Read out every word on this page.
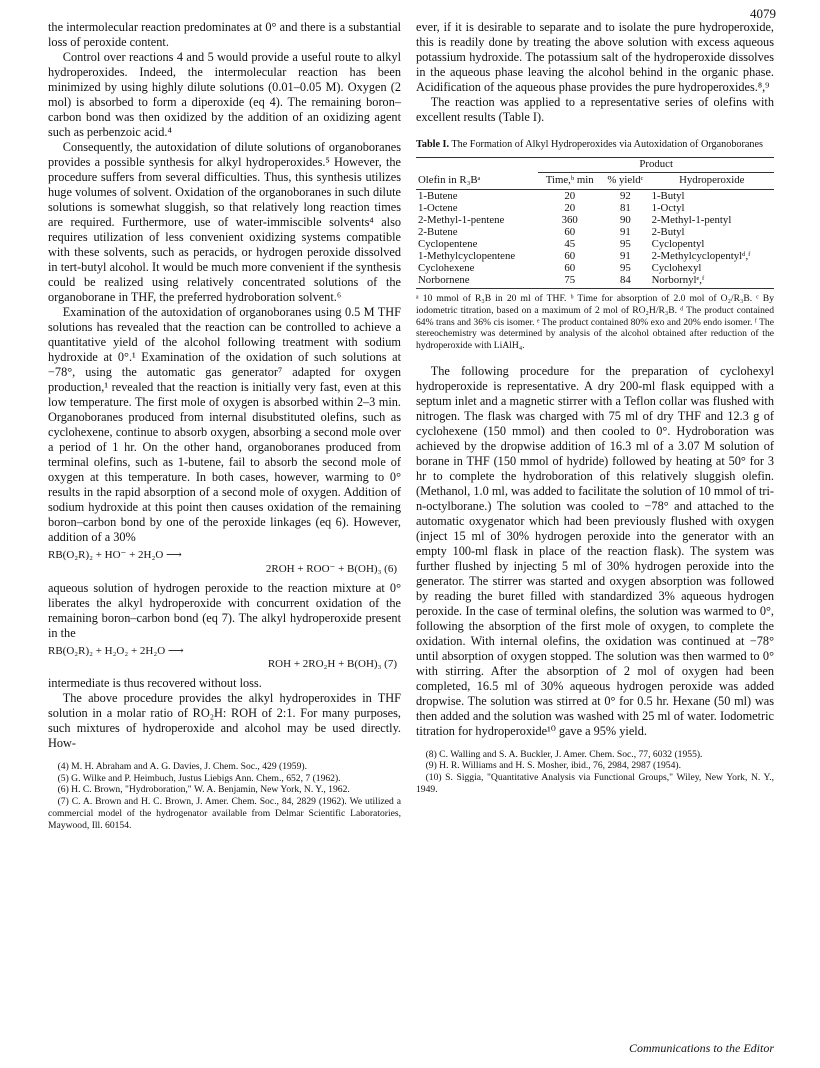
4079

the intermolecular reaction predominates at 0° and there is a substantial loss of peroxide content.

Control over reactions 4 and 5 would provide a useful route to alkyl hydroperoxides. Indeed, the intermolecular reaction has been minimized by using highly dilute solutions (0.01–0.05 M). Oxygen (2 mol) is absorbed to form a diperoxide (eq 4). The remaining boron–carbon bond was then oxidized by the addition of an oxidizing agent such as perbenzoic acid.⁴

Consequently, the autoxidation of dilute solutions of organoboranes provides a possible synthesis for alkyl hydroperoxides.⁵ However, the procedure suffers from several difficulties. Thus, this synthesis utilizes huge volumes of solvent. Oxidation of the organoboranes in such dilute solutions is somewhat sluggish, so that relatively long reaction times are required. Furthermore, use of water-immiscible solvents⁴ also requires utilization of less convenient oxidizing systems compatible with these solvents, such as peracids, or hydrogen peroxide dissolved in tert-butyl alcohol. It would be much more convenient if the synthesis could be realized using relatively concentrated solutions of the organoborane in THF, the preferred hydroboration solvent.⁶

Examination of the autoxidation of organoboranes using 0.5 M THF solutions has revealed that the reaction can be controlled to achieve a quantitative yield of the alcohol following treatment with sodium hydroxide at 0°.¹ Examination of the oxidation of such solutions at −78°, using the automatic gas generator⁷ adapted for oxygen production,¹ revealed that the reaction is initially very fast, even at this low temperature. The first mole of oxygen is absorbed within 2–3 min. Organoboranes produced from internal disubstituted olefins, such as cyclohexene, continue to absorb oxygen, absorbing a second mole over a period of 1 hr. On the other hand, organoboranes produced from terminal olefins, such as 1-butene, fail to absorb the second mole of oxygen at this temperature. In both cases, however, warming to 0° results in the rapid absorption of a second mole of oxygen. Addition of sodium hydroxide at this point then causes oxidation of the remaining boron–carbon bond by one of the peroxide linkages (eq 6). However, addition of a 30%

RB(O₂R)₂ + HO⁻ + 2H₂O ⟶
2ROH + ROO⁻ + B(OH)₃ (6)

aqueous solution of hydrogen peroxide to the reaction mixture at 0° liberates the alkyl hydroperoxide with concurrent oxidation of the remaining boron–carbon bond (eq 7). The alkyl hydroperoxide present in the

RB(O₂R)₂ + H₂O₂ + 2H₂O ⟶
ROH + 2RO₂H + B(OH)₃ (7)

intermediate is thus recovered without loss.

The above procedure provides the alkyl hydroperoxides in THF solution in a molar ratio of RO₂H: ROH of 2:1. For many purposes, such mixtures of hydroperoxide and alcohol may be used directly. How-

(4) M. H. Abraham and A. G. Davies, J. Chem. Soc., 429 (1959).
(5) G. Wilke and P. Heimbuch, Justus Liebigs Ann. Chem., 652, 7 (1962).
(6) H. C. Brown, "Hydroboration," W. A. Benjamin, New York, N. Y., 1962.
(7) C. A. Brown and H. C. Brown, J. Amer. Chem. Soc., 84, 2829 (1962). We utilized a commercial model of the hydrogenator available from Delmar Scientific Laboratories, Maywood, Ill. 60154.

ever, if it is desirable to separate and to isolate the pure hydroperoxide, this is readily done by treating the above solution with excess aqueous potassium hydroxide. The potassium salt of the hydroperoxide dissolves in the aqueous phase leaving the alcohol behind in the organic phase. Acidification of the aqueous phase provides the pure hydroperoxides.⁸,⁹

The reaction was applied to a representative series of olefins with excellent results (Table I).

Table I. The Formation of Alkyl Hydroperoxides via Autoxidation of Organoboranes
	Product		
Olefin in R₃Bᵃ	Time,ᵇ min	% yieldᶜ	Hydroperoxide
1-Butene	20	92	1-Butyl
1-Octene	20	81	1-Octyl
2-Methyl-1-pentene	360	90	2-Methyl-1-pentyl
2-Butene	60	91	2-Butyl
Cyclopentene	45	95	Cyclopentyl
1-Methylcyclopentene	60	91	2-Methylcyclopentylᵈ,ᶠ
Cyclohexene	60	95	Cyclohexyl
Norbornene	75	84	Norbornylᵉ,ᶠ
ᵃ 10 mmol of R₃B in 20 ml of THF. ᵇ Time for absorption of 2.0 mol of O₂/R₃B. ᶜ By iodometric titration, based on a maximum of 2 mol of RO₂H/R₃B. ᵈ The product contained 64% trans and 36% cis isomer. ᵉ The product contained 80% exo and 20% endo isomer. ᶠ The stereochemistry was determined by analysis of the alcohol obtained after reduction of the hydroperoxide with LiAlH₄.

The following procedure for the preparation of cyclohexyl hydroperoxide is representative. A dry 200-ml flask equipped with a septum inlet and a magnetic stirrer with a Teflon collar was flushed with nitrogen. The flask was charged with 75 ml of dry THF and 12.3 g of cyclohexene (150 mmol) and then cooled to 0°. Hydroboration was achieved by the dropwise addition of 16.3 ml of a 3.07 M solution of borane in THF (150 mmol of hydride) followed by heating at 50° for 3 hr to complete the hydroboration of this relatively sluggish olefin. (Methanol, 1.0 ml, was added to facilitate the solution of 10 mmol of tri-n-octylborane.) The solution was cooled to −78° and attached to the automatic oxygenator which had been previously flushed with oxygen (inject 15 ml of 30% hydrogen peroxide into the generator with an empty 100-ml flask in place of the reaction flask). The system was further flushed by injecting 5 ml of 30% hydrogen peroxide into the generator. The stirrer was started and oxygen absorption was followed by reading the buret filled with standardized 3% aqueous hydrogen peroxide. In the case of terminal olefins, the solution was warmed to 0°, following the absorption of the first mole of oxygen, to complete the oxidation. With internal olefins, the oxidation was continued at −78° until absorption of oxygen stopped. The solution was then warmed to 0° with stirring. After the absorption of 2 mol of oxygen had been completed, 16.5 ml of 30% aqueous hydrogen peroxide was added dropwise. The solution was stirred at 0° for 0.5 hr. Hexane (50 ml) was then added and the solution was washed with 25 ml of water. Iodometric titration for hydroperoxide¹⁰ gave a 95% yield.

(8) C. Walling and S. A. Buckler, J. Amer. Chem. Soc., 77, 6032 (1955).
(9) H. R. Williams and H. S. Mosher, ibid., 76, 2984, 2987 (1954).
(10) S. Siggia, "Quantitative Analysis via Functional Groups," Wiley, New York, N. Y., 1949.
Communications to the Editor
